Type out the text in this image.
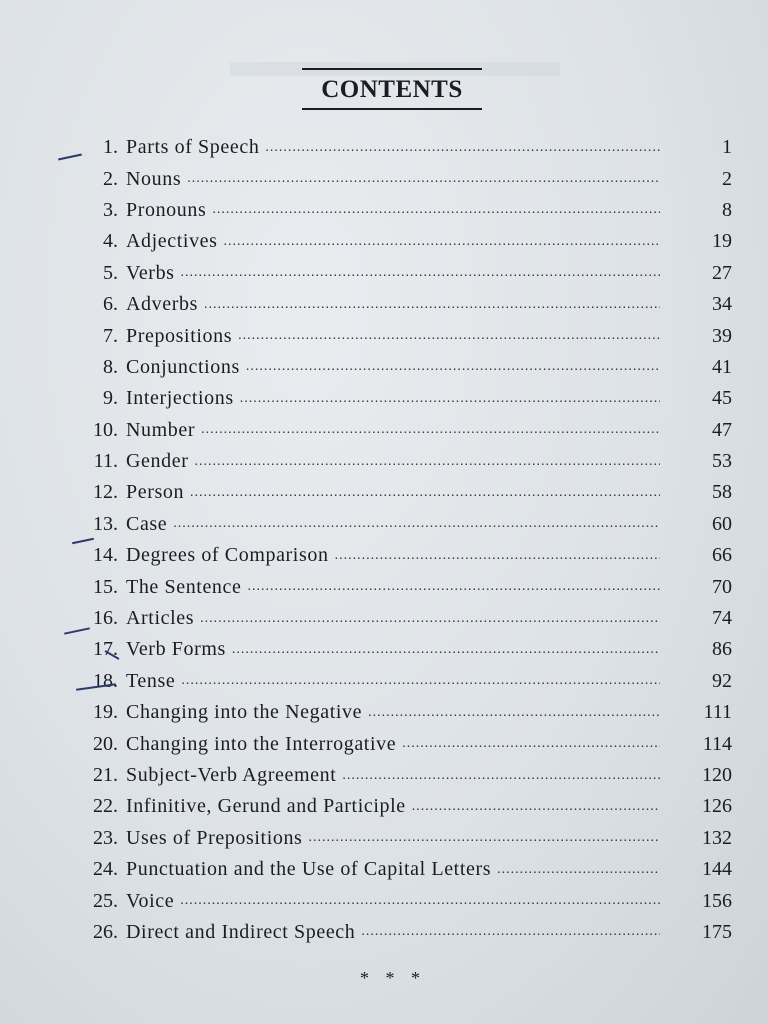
CONTENTS
1. Parts of Speech .....	1
2. Nouns .....	2
3. Pronouns .....	8
4. Adjectives .....	19
5. Verbs .....	27
6. Adverbs .....	34
7. Prepositions .....	39
8. Conjunctions .....	41
9. Interjections .....	45
10. Number .....	47
11. Gender .....	53
12. Person .....	58
13. Case .....	60
14. Degrees of Comparison .....	66
15. The Sentence .....	70
16. Articles .....	74
17. Verb Forms .....	86
18. Tense .....	92
19. Changing into the Negative .....	111
20. Changing into the Interrogative .....	114
21. Subject-Verb Agreement .....	120
22. Infinitive, Gerund and Participle .....	126
23. Uses of Prepositions .....	132
24. Punctuation and the Use of Capital Letters .....	144
25. Voice .....	156
26. Direct and Indirect Speech .....	175
* * *
